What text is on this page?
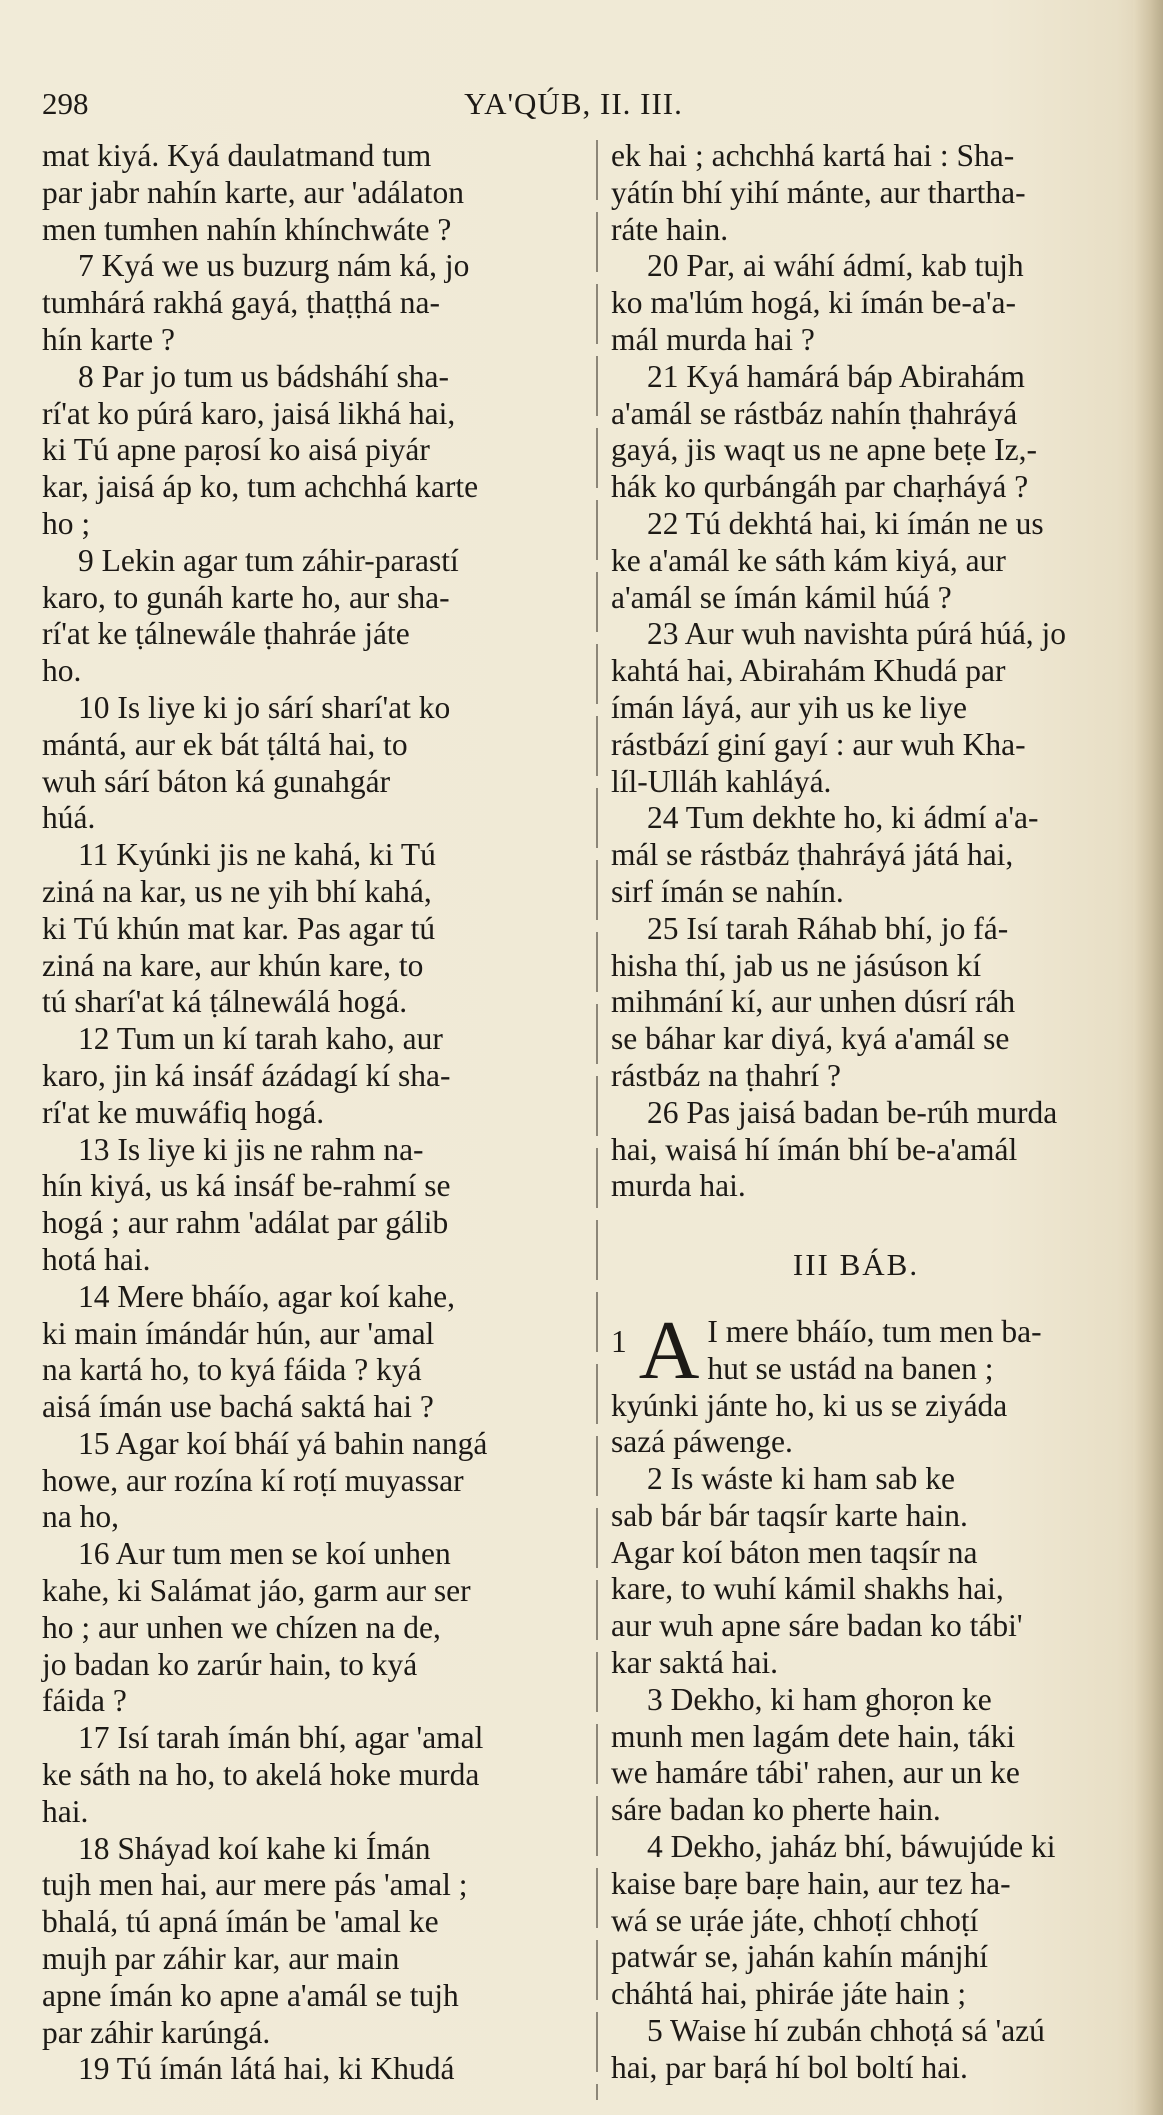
298	YA'QÚB, II. III.

mat kiyá. Kyá daulatmand tum

par jabr nahín karte, aur 'adálaton

men tumhen nahín khínchwáte ?

7 Kyá we us buzurg nám ká, jo

tumhárá rakhá gayá, ṭhaṭṭhá na-

hín karte ?

8 Par jo tum us bádsháhí sha-

rí'at ko púrá karo, jaisá likhá hai,

ki Tú apne paṛosí ko aisá piyár

kar, jaisá áp ko, tum achchhá karte

ho ;

9 Lekin agar tum záhir-parastí

karo, to gunáh karte ho, aur sha-

rí'at ke ṭálnewále ṭhahráe játe

ho.

10 Is liye ki jo sárí sharí'at ko

mántá, aur ek bát ṭáltá hai, to

wuh sárí báton ká gunahgár

húá.

11 Kyúnki jis ne kahá, ki Tú

ziná na kar, us ne yih bhí kahá,

ki Tú khún mat kar. Pas agar tú

ziná na kare, aur khún kare, to

tú sharí'at ká ṭálnewálá hogá.

12 Tum un kí tarah kaho, aur

karo, jin ká insáf ázádagí kí sha-

rí'at ke muwáfiq hogá.

13 Is liye ki jis ne rahm na-

hín kiyá, us ká insáf be-rahmí se

hogá ; aur rahm 'adálat par gálib

hotá hai.

14 Mere bháío, agar koí kahe,

ki main ímándár hún, aur 'amal

na kartá ho, to kyá fáida ? kyá

aisá ímán use bachá saktá hai ?

15 Agar koí bháí yá bahin nangá

howe, aur rozína kí roṭí muyassar

na ho,

16 Aur tum men se koí unhen

kahe, ki Salámat jáo, garm aur ser

ho ; aur unhen we chízen na de,

jo badan ko zarúr hain, to kyá

fáida ?

17 Isí tarah ímán bhí, agar 'amal

ke sáth na ho, to akelá hoke murda

hai.

18 Sháyad koí kahe ki Ímán

tujh men hai, aur mere pás 'amal ;

bhalá, tú apná ímán be 'amal ke

mujh par záhir kar, aur main

apne ímán ko apne a'amál se tujh

par záhir karúngá.

19 Tú ímán látá hai, ki Khudá

ek hai ; achchhá kartá hai : Sha-

yátín bhí yihí mánte, aur thartha-

ráte hain.

20 Par, ai wáhí ádmí, kab tujh

ko ma'lúm hogá, ki ímán be-a'a-

mál murda hai ?

21 Kyá hamárá báp Abirahám

a'amál se rástbáz nahín ṭhahráyá

gayá, jis waqt us ne apne beṭe Iz,-

hák ko qurbángáh par chaṛháyá ?

22 Tú dekhtá hai, ki ímán ne us

ke a'amál ke sáth kám kiyá, aur

a'amál se ímán kámil húá ?

23 Aur wuh navishta púrá húá, jo

kahtá hai, Abirahám Khudá par

ímán láyá, aur yih us ke liye

rástbází giní gayí : aur wuh Kha-

líl-Ulláh kahláyá.

24 Tum dekhte ho, ki ádmí a'a-

mál se rástbáz ṭhahráyá játá hai,

sirf ímán se nahín.

25 Isí tarah Ráhab bhí, jo fá-

hisha thí, jab us ne jásúson kí

mihmání kí, aur unhen dúsrí ráh

se báhar kar diyá, kyá a'amál se

rástbáz na ṭhahrí ?

26 Pas jaisá badan be-rúh murda

hai, waisá hí ímán bhí be-a'amál

murda hai.

III BÁB.
1 A I mere bháío, tum men ba-

hut se ustád na banen ;

kyúnki jánte ho, ki us se ziyáda

sazá páwenge.

2 Is wáste ki ham sab ke

sab bár bár taqsír karte hain.

Agar koí báton men taqsír na

kare, to wuhí kámil shakhs hai,

aur wuh apne sáre badan ko tábi'

kar saktá hai.

3 Dekho, ki ham ghoṛon ke

munh men lagám dete hain, táki

we hamáre tábi' rahen, aur un ke

sáre badan ko pherte hain.

4 Dekho, jaház bhí, báwujúde ki

kaise baṛe baṛe hain, aur tez ha-

wá se uṛáe játe, chhoṭí chhoṭí

patwár se, jahán kahín mánjhí

cháhtá hai, phiráe játe hain ;

5 Waise hí zubán chhoṭá sá 'azú

hai, par baṛá hí bol boltí hai.
